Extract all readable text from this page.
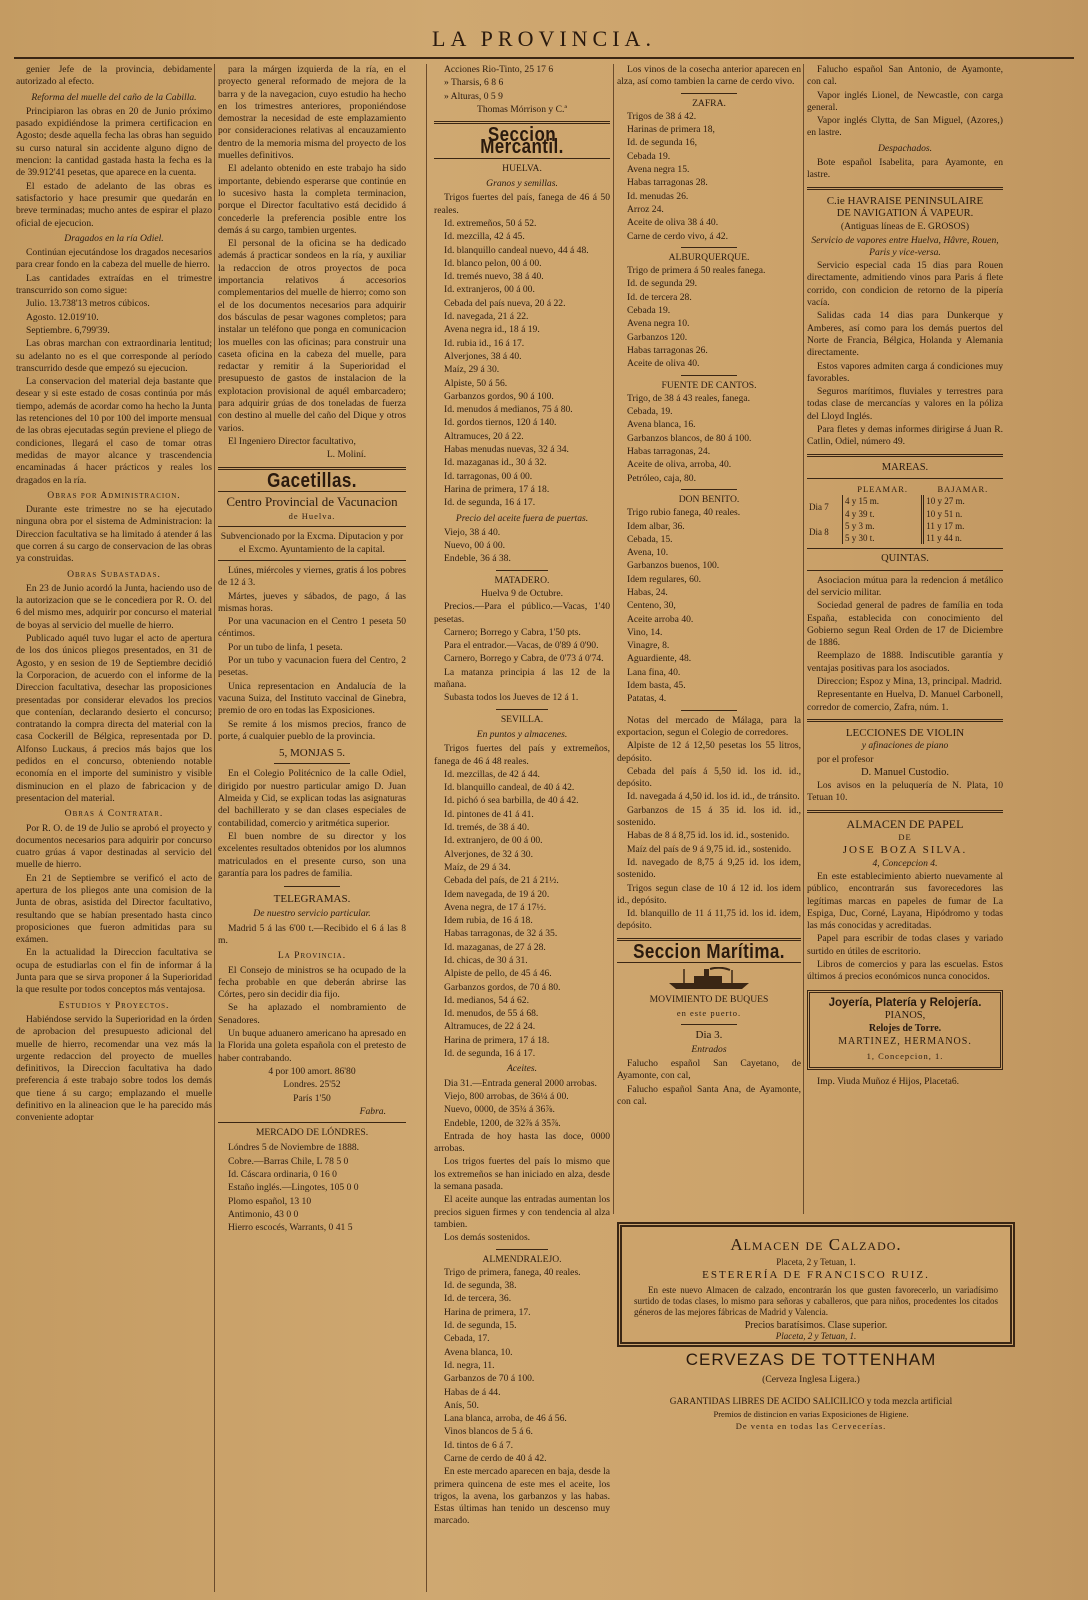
LA PROVINCIA.

genier Jefe de la provincia, debidamente autorizado al efecto.

Reforma del muelle del caño de la Cabilla.

Principiaron las obras en 20 de Junio próximo pasado expidiéndose la primera certificacion en Agosto; desde aquella fecha las obras han seguido su curso natural sin accidente alguno digno de mencion: la cantidad gastada hasta la fecha es la de 39.912'41 pesetas, que aparece en la cuenta.

El estado de adelanto de las obras es satisfactorio y hace presumir que quedarán en breve terminadas; mucho antes de espirar el plazo oficial de ejecucion.

Dragados en la ría Odiel.

Continúan ejecutándose los dragados necesarios para crear fondo en la cabeza del muelle de hierro.

Las cantidades extraídas en el trimestre transcurrido son como sigue:

Julio. 13.738'13 metros cúbicos.

Agosto. 12.019'10.

Septiembre. 6,799'39.

Las obras marchan con extraordinaria lentitud; su adelanto no es el que corresponde al período transcurrido desde que empezó su ejecucion.

La conservacion del material deja bastante que desear y si este estado de cosas continúa por más tiempo, además de acordar como ha hecho la Junta las retenciones del 10 por 100 del importe mensual de las obras ejecutadas según previene el pliego de condiciones, llegará el caso de tomar otras medidas de mayor alcance y trascendencia encaminadas á hacer prácticos y reales los dragados en la ría.

Obras por Administracion.

Durante este trimestre no se ha ejecutado ninguna obra por el sistema de Administracion: la Direccion facultativa se ha limitado á atender á las que corren á su cargo de conservacion de las obras ya construidas.

Obras Subastadas.

En 23 de Junio acordó la Junta, haciendo uso de la autorizacion que se le concediera por R. O. del 6 del mismo mes, adquirir por concurso el material de boyas al servicio del muelle de hierro.

Publicado aquél tuvo lugar el acto de apertura de los dos únicos pliegos presentados, en 31 de Agosto, y en sesion de 19 de Septiembre decidió la Corporacion, de acuerdo con el informe de la Direccion facultativa, desechar las proposiciones presentadas por considerar elevados los precios que contenían, declarando desierto el concurso; contratando la compra directa del material con la casa Cockerill de Bélgica, representada por D. Alfonso Luckaus, á precios más bajos que los pedidos en el concurso, obteniendo notable economía en el importe del suministro y visible disminucion en el plazo de fabricacion y de presentacion del material.

Obras á Contratar.

Por R. O. de 19 de Julio se aprobó el proyecto y documentos necesarios para adquirir por concurso cuatro grúas á vapor destinadas al servicio del muelle de hierro.

En 21 de Septiembre se verificó el acto de apertura de los pliegos ante una comision de la Junta de obras, asistida del Director facultativo, resultando que se habían presentado hasta cinco proposiciones que fueron admitidas para su exámen.

En la actualidad la Direccion facultativa se ocupa de estudiarlas con el fin de informar á la Junta para que se sirva proponer á la Superioridad la que resulte por todos conceptos más ventajosa.

Estudios y Proyectos.

Habiéndose servido la Superioridad en la órden de aprobacion del presupuesto adicional del muelle de hierro, recomendar una vez más la urgente redaccion del proyecto de muelles definitivos, la Direccion facultativa ha dado preferencia á este trabajo sobre todos los demás que tiene á su cargo; emplazando el muelle definitivo en la alineacion que le ha parecido más conveniente adoptar

para la márgen izquierda de la ría, en el proyecto general reformado de mejora de la barra y de la navegacion, cuyo estudio ha hecho en los trimestres anteriores, proponiéndose demostrar la necesidad de este emplazamiento por consideraciones relativas al encauzamiento dentro de la memoria misma del proyecto de los muelles definitivos.

El adelanto obtenido en este trabajo ha sido importante, debiendo esperarse que continúe en lo sucesivo hasta la completa terminacion, porque el Director facultativo está decidido á concederle la preferencia posible entre los demás á su cargo, tambien urgentes.

El personal de la oficina se ha dedicado además á practicar sondeos en la ría, y auxiliar la redaccion de otros proyectos de poca importancia relativos á accesorios complementarios del muelle de hierro; como son el de los documentos necesarios para adquirir dos básculas de pesar wagones completos; para instalar un teléfono que ponga en comunicacion los muelles con las oficinas; para construir una caseta oficina en la cabeza del muelle, para redactar y remitir á la Superioridad el presupuesto de gastos de instalacion de la explotacion provisional de aquél embarcadero; para adquirir grúas de dos toneladas de fuerza con destino al muelle del caño del Dique y otros varios.

El Ingeniero Director facultativo,

L. Moliní.

Gacetillas.

Centro Provincial de Vacunacion

de Huelva.

Subvencionado por la Excma. Diputacion y por el Excmo. Ayuntamiento de la capital.

Lúnes, miércoles y viernes, gratis á los pobres de 12 á 3.

Mártes, jueves y sábados, de pago, á las mismas horas.

Por una vacunacion en el Centro 1 peseta 50 céntimos.

Por un tubo de linfa, 1 peseta.

Por un tubo y vacunacion fuera del Centro, 2 pesetas.

Unica representacion en Andalucía de la vacuna Suiza, del Instituto vaccinal de Ginebra, premio de oro en todas las Exposiciones.

Se remite á los mismos precios, franco de porte, á cualquier pueblo de la provincia.

5, MONJAS 5.

En el Colegio Politécnico de la calle Odiel, dirigido por nuestro particular amigo D. Juan Almeida y Cid, se explican todas las asignaturas del bachillerato y se dan clases especiales de contabilidad, comercio y aritmética superior.

El buen nombre de su director y los excelentes resultados obtenidos por los alumnos matriculados en el presente curso, son una garantía para los padres de familia.

TELEGRAMAS.

De nuestro servicio particular.

Madrid 5 á las 6'00 t.—Recibido el 6 á las 8 m.

La Provincia.

El Consejo de ministros se ha ocupado de la fecha probable en que deberán abrirse las Córtes, pero sin decidir dia fijo.

Se ha aplazado el nombramiento de Senadores.

Un buque aduanero americano ha apresado en la Florida una goleta española con el pretesto de haber contrabando.

4 por 100 amort. 86'80

Londres. 25'52

París 1'50

Fabra.

MERCADO DE LÓNDRES.

Lóndres 5 de Noviembre de 1888.

Cobre.—Barras Chile, L 78 5 0

Id. Cáscara ordinaria, 0 16 0

Estaño inglés.—Lingotes, 105 0 0

Plomo español, 13 10

Antimonio, 43 0 0

Hierro escocés, Warrants, 0 41 5

Acciones Rio-Tinto, 25 17 6

» Tharsis, 6 8 6

» Alturas, 0 5 9

Thomas Mórrison y C.ª

Seccion Mercantil.

HUELVA.

Granos y semillas.

Trigos fuertes del país, fanega de 46 á 50 reales.

Id. extremeños, 50 á 52.

Id. mezcilla, 42 á 45.

Id. blanquillo candeal nuevo, 44 á 48.

Id. blanco pelon, 00 á 00.

Id. tremés nuevo, 38 á 40.

Id. extranjeros, 00 á 00.

Cebada del país nueva, 20 á 22.

Id. navegada, 21 á 22.

Avena negra id., 18 á 19.

Id. rubia id., 16 á 17.

Alverjones, 38 á 40.

Maíz, 29 á 30.

Alpiste, 50 á 56.

Garbanzos gordos, 90 á 100.

Id. menudos á medianos, 75 á 80.

Id. gordos tiernos, 120 á 140.

Altramuces, 20 á 22.

Habas menudas nuevas, 32 á 34.

Id. mazaganas id., 30 á 32.

Id. tarragonas, 00 á 00.

Harina de primera, 17 á 18.

Id. de segunda, 16 á 17.

Precio del aceite fuera de puertas.

Viejo, 38 á 40.

Nuevo, 00 á 00.

Endeble, 36 á 38.

MATADERO.

Huelva 9 de Octubre.

Precios.—Para el público.—Vacas, 1'40 pesetas.

Carnero; Borrego y Cabra, 1'50 pts.

Para el entrador.—Vacas, de 0'89 á 0'90.

Carnero, Borrego y Cabra, de 0'73 á 0'74.

La matanza principia á las 12 de la mañana.

Subasta todos los Jueves de 12 á 1.

SEVILLA.

En puntos y almacenes.

Trigos fuertes del país y extremeños, fanega de 46 á 48 reales.

Id. mezcillas, de 42 á 44.

Id. blanquillo candeal, de 40 á 42.

Id. pichó ó sea barbilla, de 40 á 42.

Id. pintones de 41 á 41.

Id. tremés, de 38 á 40.

Id. extranjero, de 00 á 00.

Alverjones, de 32 á 30.

Maíz, de 29 á 34.

Cebada del país, de 21 á 21½.

Idem navegada, de 19 á 20.

Avena negra, de 17 á 17½.

Idem rubia, de 16 á 18.

Habas tarragonas, de 32 á 35.

Id. mazaganas, de 27 á 28.

Id. chicas, de 30 á 31.

Alpiste de pello, de 45 á 46.

Garbanzos gordos, de 70 á 80.

Id. medianos, 54 á 62.

Id. menudos, de 55 á 68.

Altramuces, de 22 á 24.

Harina de primera, 17 á 18.

Id. de segunda, 16 á 17.

Aceites.

Dia 31.—Entrada general 2000 arrobas.

Viejo, 800 arrobas, de 36¼ á 00.

Nuevo, 0000, de 35¾ á 36⅞.

Endeble, 1200, de 32⅞ á 35⅞.

Entrada de hoy hasta las doce, 0000 arrobas.

Los trigos fuertes del país lo mismo que los extremeños se han iniciado en alza, desde la semana pasada.

El aceite aunque las entradas aumentan los precios siguen firmes y con tendencia al alza tambien.

Los demás sostenidos.

ALMENDRALEJO.

Trigo de primera, fanega, 40 reales.

Id. de segunda, 38.

Id. de tercera, 36.

Harina de primera, 17.

Id. de segunda, 15.

Cebada, 17.

Avena blanca, 10.

Id. negra, 11.

Garbanzos de 70 á 100.

Habas de á 44.

Anís, 50.

Lana blanca, arroba, de 46 á 56.

Vinos blancos de 5 á 6.

Id. tintos de 6 á 7.

Carne de cerdo de 40 á 42.

En este mercado aparecen en baja, desde la primera quincena de este mes el aceite, los trigos, la avena, los garbanzos y las habas. Estas últimas han tenido un descenso muy marcado.

Los vinos de la cosecha anterior aparecen en alza, así como tambien la carne de cerdo vivo.

ZAFRA.

Trigos de 38 á 42.

Harinas de primera 18,

Id. de segunda 16,

Cebada 19.

Avena negra 15.

Habas tarragonas 28.

Id. menudas 26.

Arroz 24.

Aceite de oliva 38 á 40.

Carne de cerdo vivo, á 42.

ALBURQUERQUE.

Trigo de primera á 50 reales fanega.

Id. de segunda 29.

Id. de tercera 28.

Cebada 19.

Avena negra 10.

Garbanzos 120.

Habas tarragonas 26.

Aceite de oliva 40.

FUENTE DE CANTOS.

Trigo, de 38 á 43 reales, fanega.

Cebada, 19.

Avena blanca, 16.

Garbanzos blancos, de 80 á 100.

Habas tarragonas, 24.

Aceite de oliva, arroba, 40.

Petróleo, caja, 80.

DON BENITO.

Trigo rubio fanega, 40 reales.

Idem albar, 36.

Cebada, 15.

Avena, 10.

Garbanzos buenos, 100.

Idem regulares, 60.

Habas, 24.

Centeno, 30,

Aceite arroba 40.

Vino, 14.

Vinagre, 8.

Aguardiente, 48.

Lana fina, 40.

Idem basta, 45.

Patatas, 4.

Notas del mercado de Málaga, para la exportacion, segun el Colegio de corredores.

Alpiste de 12 á 12,50 pesetas los 55 litros, depósito.

Cebada del país á 5,50 id. los id. id., depósito.

Id. navegada á 4,50 id. los id. id., de tránsito.

Garbanzos de 15 á 35 id. los id. id., sostenido.

Habas de 8 á 8,75 id. los id. id., sostenido.

Maíz del país de 9 á 9,75 id. id., sostenido.

Id. navegado de 8,75 á 9,25 id. los idem, sostenido.

Trigos segun clase de 10 á 12 id. los idem id., depósito.

Id. blanquillo de 11 á 11,75 id. los id. idem, depósito.

Seccion Marítima.

MOVIMIENTO DE BUQUES

en este puerto.

Dia 3.

Entrados

Falucho español San Cayetano, de Ayamonte, con cal,

Falucho español Santa Ana, de Ayamonte, con cal.

Falucho español San Antonio, de Ayamonte, con cal.

Vapor inglés Lionel, de Newcastle, con carga general.

Vapor inglés Clytta, de San Miguel, (Azores,) en lastre.

Despachados.

Bote español Isabelita, para Ayamonte, en lastre.

C.ie HAVRAISE PENINSULAIRE

DE NAVIGATION Á VAPEUR.

(Antiguas líneas de E. GROSOS)

Servicio de vapores entre Huelva, Hâvre, Rouen, Paris y vice-versa.

Servicio especial cada 15 dias para Rouen directamente, admitiendo vinos para Paris á flete corrido, con condicion de retorno de la pipería vacía.

Salidas cada 14 dias para Dunkerque y Amberes, así como para los demás puertos del Norte de Francia, Bélgica, Holanda y Alemania directamente.

Estos vapores admiten carga á condiciones muy favorables.

Seguros marítimos, fluviales y terrestres para todas clase de mercancías y valores en la póliza del Lloyd Inglés.

Para fletes y demas informes dirigirse á Juan R. Catlin, Odiel, número 49.

MAREAS.

	PLEAMAR.	BAJAMAR.
Dia 7	4 y 15 m.	10 y 27 m.
	4 y 39 t.	10 y 51 n.
Dia 8	5 y 3 m.	11 y 17 m.
	5 y 30 t.	11 y 44 n.

QUINTAS.

Asociacion mútua para la redencion á metálico del servicio militar.

Sociedad general de padres de família en toda España, establecida con conocimiento del Gobierno segun Real Orden de 17 de Diciembre de 1886.

Reemplazo de 1888. Indiscutible garantía y ventajas positivas para los asociados.

Direccion; Espoz y Mina, 13, principal. Madrid.

Representante en Huelva, D. Manuel Carbonell, corredor de comercio, Zafra, núm. 1.

LECCIONES DE VIOLIN

y afinaciones de piano

por el profesor

D. Manuel Custodio.

Los avisos en la peluquería de N. Plata, 10 Tetuan 10.

ALMACEN DE PAPEL

DE

JOSE BOZA SILVA.

4, Concepcion 4.

En este establecimiento abierto nuevamente al público, encontrarán sus favorecedores las legítimas marcas en papeles de fumar de La Espiga, Duc, Corné, Layana, Hipódromo y todas las más conocidas y acreditadas.

Papel para escribir de todas clases y variado surtido en útiles de escritorio.

Libros de comercios y para las escuelas. Estos últimos á precios económicos nunca conocidos.

Joyería, Platería y Relojería.

PIANOS,

Relojes de Torre.

MARTINEZ, HERMANOS.

1, Concepcion, 1.

Imp. Viuda Muñoz é Hijos, Placeta6.

Almacen de Calzado.
Placeta, 2 y Tetuan, 1.
ESTERERÍA DE FRANCISCO RUIZ.
En este nuevo Almacen de calzado, encontrarán los que gusten favorecerlo, un variadísimo surtido de todas clases, lo mismo para señoras y caballeros, que para niños, procedentes los citados géneros de las mejores fábricas de Madrid y Valencia.
Precios baratísimos. Clase superior.
Placeta, 2 y Tetuan, 1.
CERVEZAS DE TOTTENHAM
(Cerveza Inglesa Ligera.)
GARANTIDAS LIBRES DE ACIDO SALICILICO y toda mezcla artificial
Premios de distincion en varias Exposiciones de Higiene.
De venta en todas las Cervecerías.
